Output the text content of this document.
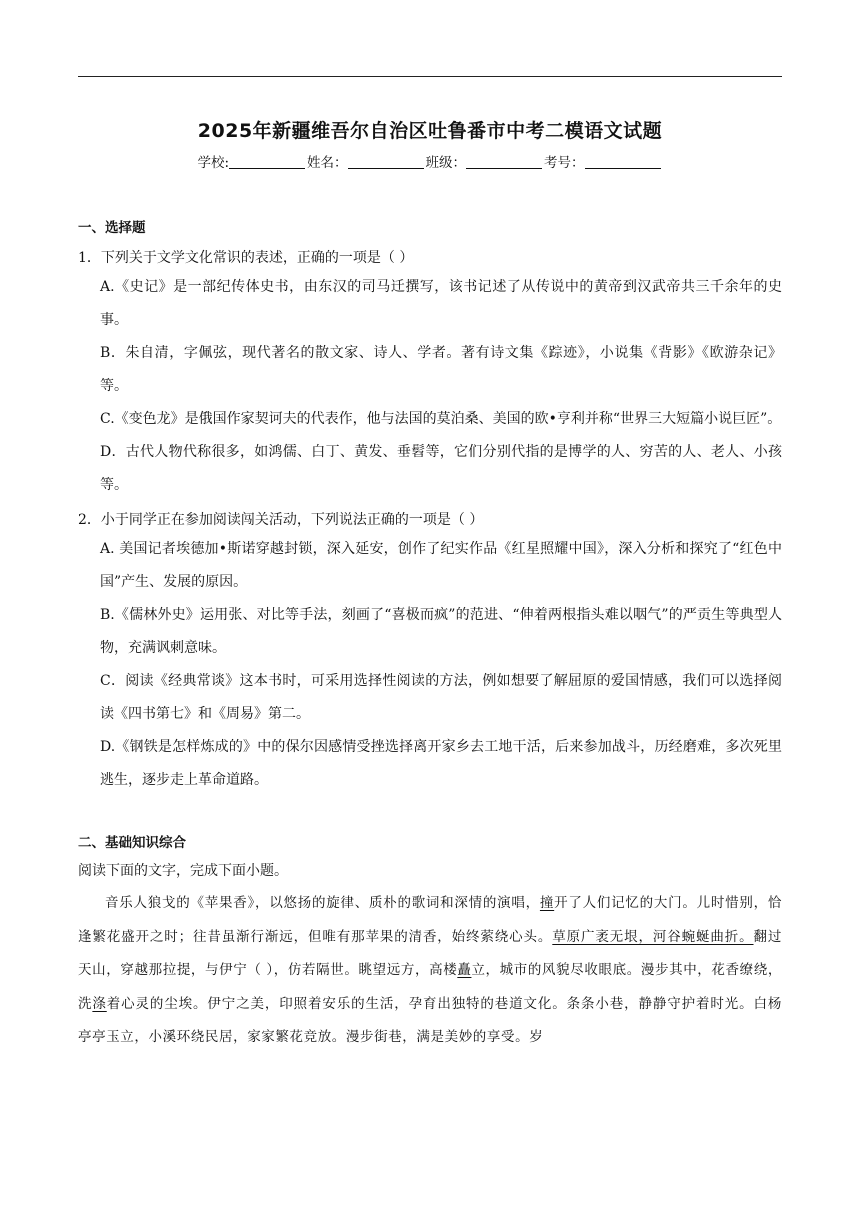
2025年新疆维吾尔自治区吐鲁番市中考二模语文试题
学校:	姓名：	班级：	考号：
一、选择题
1．下列关于文学文化常识的表述，正确的一项是（ ）
A.《史记》是一部纪传体史书，由东汉的司马迁撰写，该书记述了从传说中的黄帝到汉武帝共三千余年的史事。
B．朱自清，字佩弦，现代著名的散文家、诗人、学者。著有诗文集《踪迹》，小说集《背影》《欧游杂记》等。
C.《变色龙》是俄国作家契诃夫的代表作，他与法国的莫泊桑、美国的欧•亨利并称“世界三大短篇小说巨匠”。
D．古代人物代称很多，如鸿儒、白丁、黄发、垂髫等，它们分别代指的是博学的人、穷苦的人、老人、小孩等。
2．小于同学正在参加阅读闯关活动，下列说法正确的一项是（ ）
A. 美国记者埃德加•斯诺穿越封锁，深入延安，创作了纪实作品《红星照耀中国》，深入分析和探究了“红色中国”产生、发展的原因。
B.《儒林外史》运用张、对比等手法，刻画了“喜极而疯”的范进、“伸着两根指头难以咽气”的严贡生等典型人物，充满讽刺意味。
C．阅读《经典常谈》这本书时，可采用选择性阅读的方法，例如想要了解屈原的爱国情感，我们可以选择阅读《四书第七》和《周易》第二。
D.《钢铁是怎样炼成的》中的保尔因感情受挫选择离开家乡去工地干活，后来参加战斗，历经磨难，多次死里逃生，逐步走上革命道路。
二、基础知识综合
阅读下面的文字，完成下面小题。
音乐人狼戈的《苹果香》，以悠扬的旋律、质朴的歌词和深情的演唱，撞开了人们记忆的大门。儿时惜别，恰逢繁花盛开之时；往昔虽渐行渐远，但唯有那苹果的清香，始终萦绕心头。草原广袤无垠，河谷蜿蜒曲折。翻过天山，穿越那拉提，与伊宁（ ），仿若隔世。眺望远方，高楼矗立，城市的风貌尽收眼底。漫步其中，花香缭绕，洗涤着心灵的尘埃。伊宁之美，印照着安乐的生活，孕育出独特的巷道文化。条条小巷，静静守护着时光。白杨亭亭玉立，小溪环绕民居，家家繁花竞放。漫步街巷，满是美妙的享受。岁
